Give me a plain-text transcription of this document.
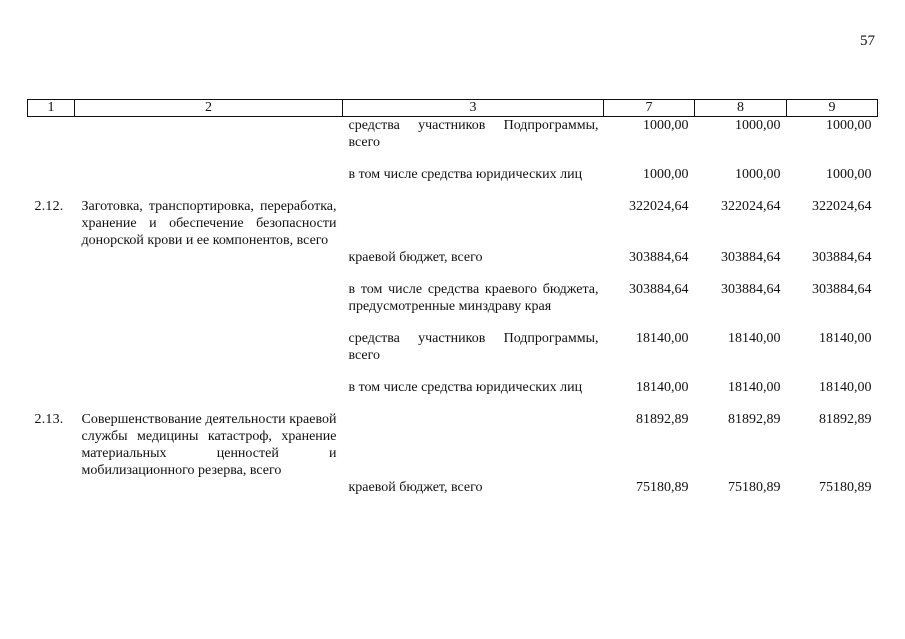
57
1	2	3	7	8	9
		средства участников Подпрограммы, всего	1000,00	1000,00	1000,00

		в том числе средства юридических лиц	1000,00	1000,00	1000,00

2.12.	Заготовка, транспортировка, переработка, хранение и обеспечение безопасности донорской крови и ее компонентов, всего		322024,64	322024,64	322024,64
		краевой бюджет, всего	303884,64	303884,64	303884,64

		в том числе средства краевого бюджета, предусмотренные минздраву края	303884,64	303884,64	303884,64

		средства участников Подпрограммы, всего	18140,00	18140,00	18140,00

		в том числе средства юридических лиц	18140,00	18140,00	18140,00

2.13.	Совершенствование деятельности краевой службы медицины катастроф, хранение материальных ценностей и мобилизационного резерва, всего		81892,89	81892,89	81892,89
		краевой бюджет, всего	75180,89	75180,89	75180,89
